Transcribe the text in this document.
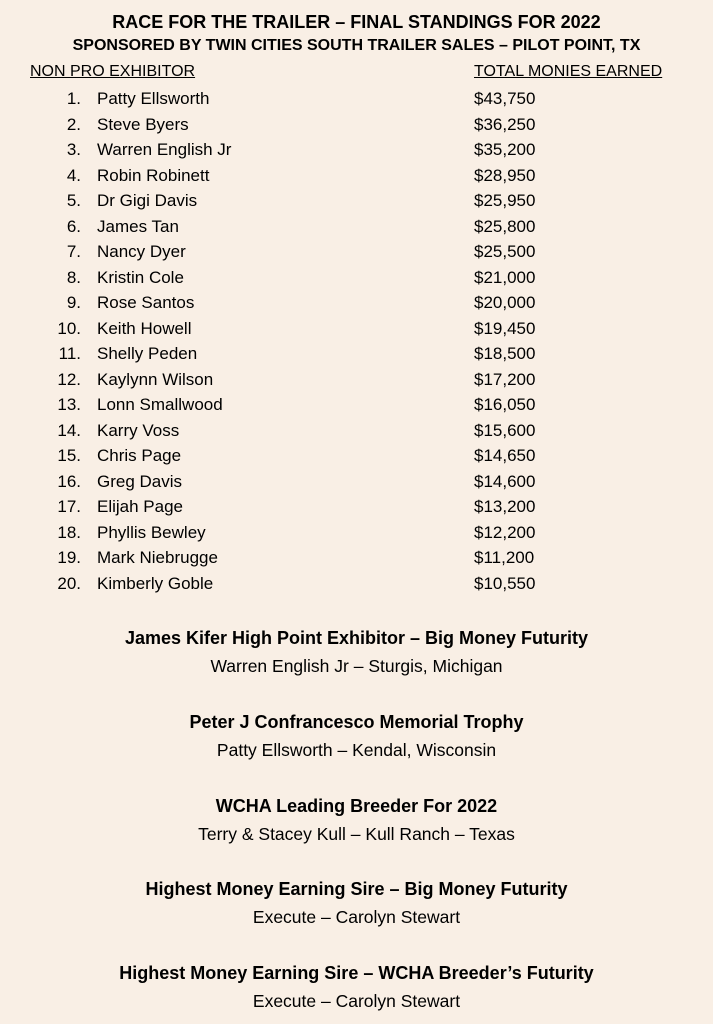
RACE FOR THE TRAILER – FINAL STANDINGS FOR 2022
SPONSORED BY TWIN CITIES SOUTH TRAILER SALES – PILOT POINT, TX
NON PRO EXHIBITOR	TOTAL MONIES EARNED
1. Patty Ellsworth	$43,750
2. Steve Byers	$36,250
3. Warren English Jr	$35,200
4. Robin Robinett	$28,950
5. Dr Gigi Davis	$25,950
6. James Tan	$25,800
7. Nancy Dyer	$25,500
8. Kristin Cole	$21,000
9. Rose Santos	$20,000
10. Keith Howell	$19,450
11. Shelly Peden	$18,500
12. Kaylynn Wilson	$17,200
13. Lonn Smallwood	$16,050
14. Karry Voss	$15,600
15. Chris Page	$14,650
16. Greg Davis	$14,600
17. Elijah Page	$13,200
18. Phyllis Bewley	$12,200
19. Mark Niebrugge	$11,200
20. Kimberly Goble	$10,550
James Kifer High Point Exhibitor – Big Money Futurity
Warren English Jr – Sturgis, Michigan
Peter J Confrancesco Memorial Trophy
Patty Ellsworth – Kendal, Wisconsin
WCHA Leading Breeder For 2022
Terry & Stacey Kull – Kull Ranch – Texas
Highest Money Earning Sire – Big Money Futurity
Execute – Carolyn Stewart
Highest Money Earning Sire – WCHA Breeder’s Futurity
Execute – Carolyn Stewart
